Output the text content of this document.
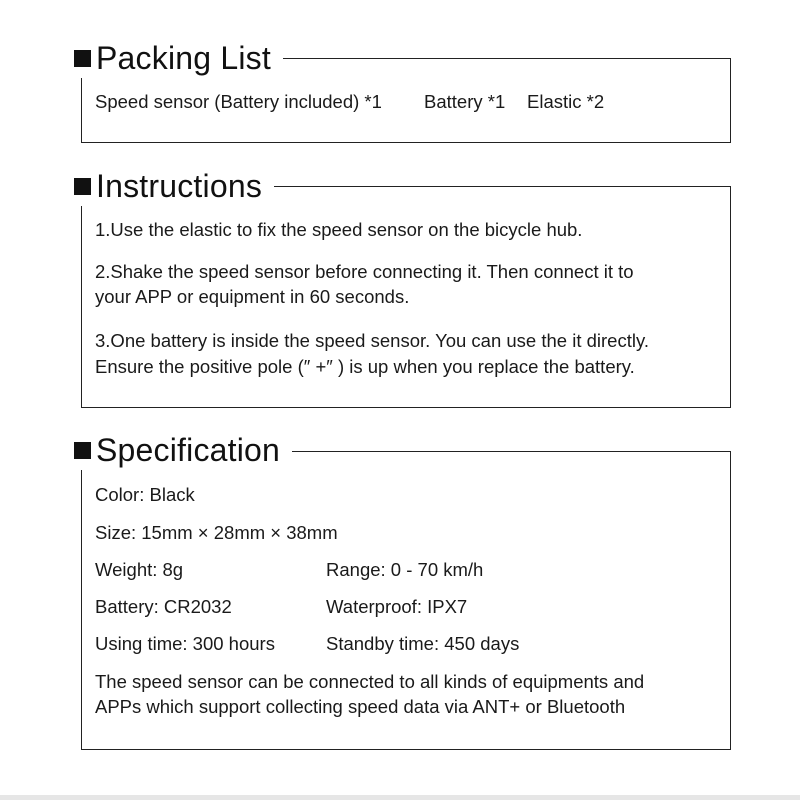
Packing List
Speed sensor (Battery included) *1 Battery *1 Elastic *2
Instructions
1.Use the elastic to fix the speed sensor on the bicycle hub.
2.Shake the speed sensor before connecting it. Then connect it to
your APP or equipment in 60 seconds.
3.One battery is inside the speed sensor. You can use the it directly.
Ensure the positive pole (″ +″ ) is up when you replace the battery.
Specification
Color: Black
Size: 15mm × 28mm × 38mm
Weight: 8g	Range: 0 - 70 km/h
Battery: CR2032	Waterproof: IPX7
Using time: 300 hours	Standby time: 450 days
The speed sensor can be connected to all kinds of equipments and
APPs which support collecting speed data via ANT+ or Bluetooth
